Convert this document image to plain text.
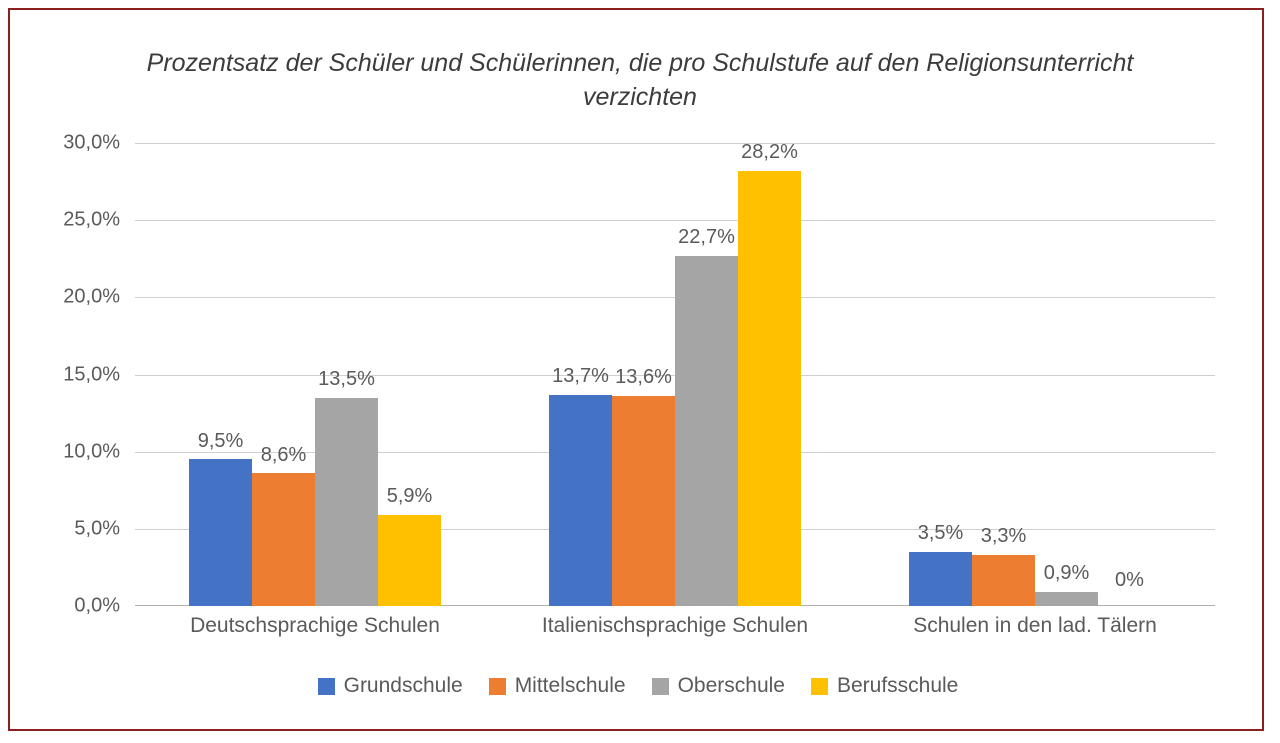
Prozentsatz der Schüler und Schülerinnen, die pro Schulstufe auf den Religionsunterricht verzichten
30,0%
25,0%
20,0%
15,0%
10,0%
5,0%
0,0%
9,5%
8,6%
13,5%
5,9%
13,7% 13,6%
22,7%
28,2%
3,5% 3,3%
0,9%	0%
Deutschsprachige Schulen	Italienischsprachige Schulen	Schulen in den lad. Tälern
Grundschule Mittelschule Oberschule Berufsschule
